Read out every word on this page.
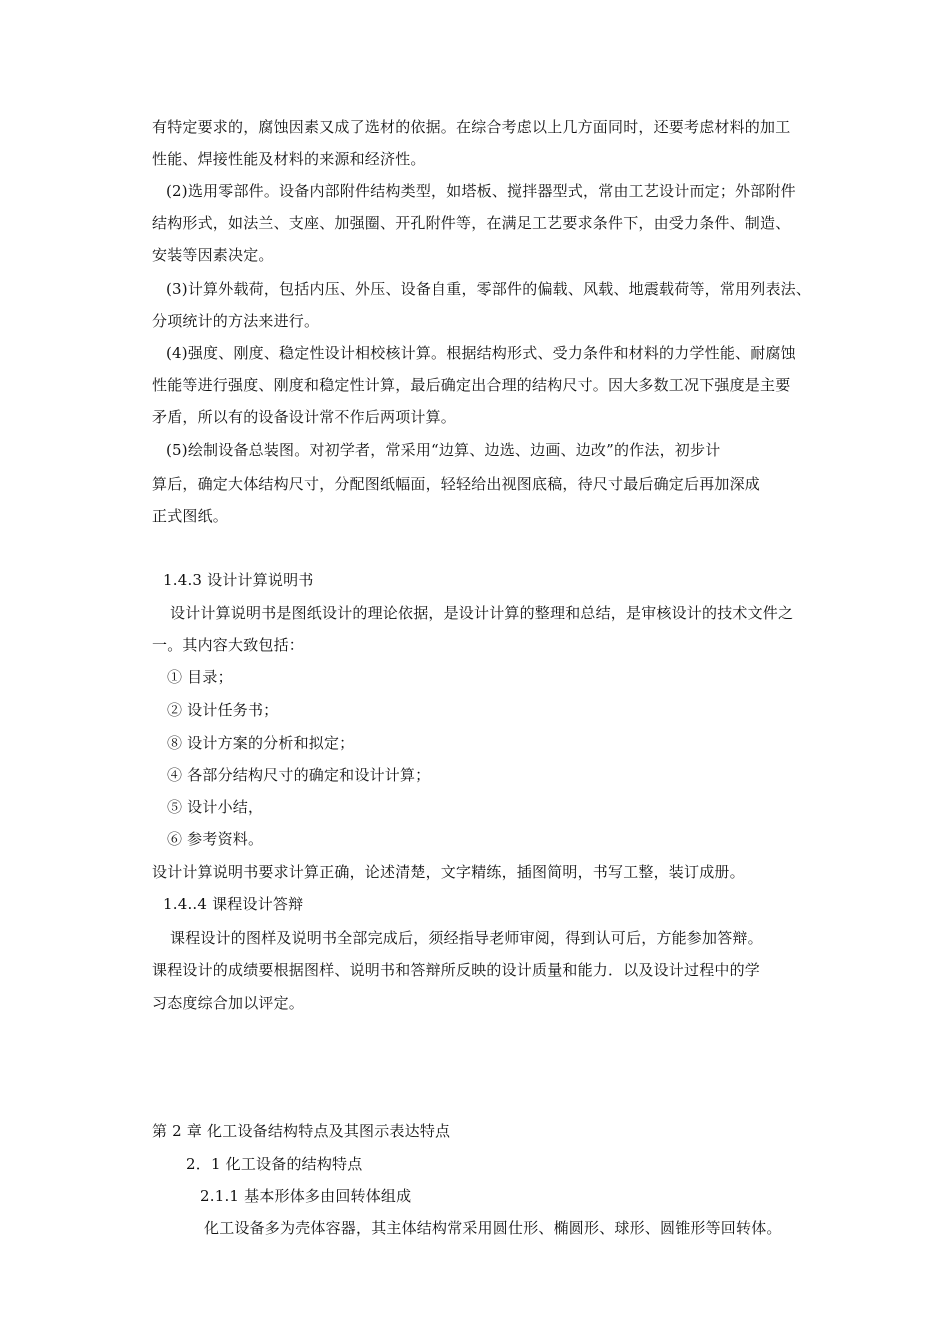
有特定要求的，腐蚀因素又成了选材的依据。在综合考虑以上几方面同时，还要考虑材料的加工
性能、焊接性能及材料的来源和经济性。
(2)选用零部件。设备内部附件结构类型，如塔板、搅拌器型式，常由工艺设计而定；外部附件
结构形式，如法兰、支座、加强圈、开孔附件等，在满足工艺要求条件下，由受力条件、制造、
安装等因素决定。
(3)计算外载荷，包括内压、外压、设备自重，零部件的偏载、风载、地震载荷等，常用列表法、
分项统计的方法来进行。
(4)强度、刚度、稳定性设计相校核计算。根据结构形式、受力条件和材料的力学性能、耐腐蚀
性能等进行强度、刚度和稳定性计算，最后确定出合理的结构尺寸。因大多数工况下强度是主要
矛盾，所以有的设备设计常不作后两项计算。
(5)绘制设备总装图。对初学者，常采用“边算、边选、边画、边改”的作法，初步计
算后，确定大体结构尺寸，分配图纸幅面，轻轻给出视图底稿，待尺寸最后确定后再加深成
正式图纸。
1.4.3 设计计算说明书
设计计算说明书是图纸设计的理论依据，是设计计算的整理和总结，是审核设计的技术文件之
一。其内容大致包括：
① 目录；
② 设计任务书；
⑧ 设计方案的分析和拟定；
④ 各部分结构尺寸的确定和设计计算；
⑤ 设计小结，
⑥ 参考资料。
设计计算说明书要求计算正确，论述清楚，文字精练，插图简明，书写工整，装订成册。
1.4..4 课程设计答辩
课程设计的图样及说明书全部完成后，须经指导老师审阅，得到认可后，方能参加答辩。
课程设计的成绩要根据图样、说明书和答辩所反映的设计质量和能力．以及设计过程中的学
习态度综合加以评定。
第 2 章 化工设备结构特点及其图示表达特点
2．1 化工设备的结构特点
2.1.1 基本形体多由回转体组成
化工设备多为壳体容器，其主体结构常采用圆仕形、椭圆形、球形、圆锥形等回转体。
